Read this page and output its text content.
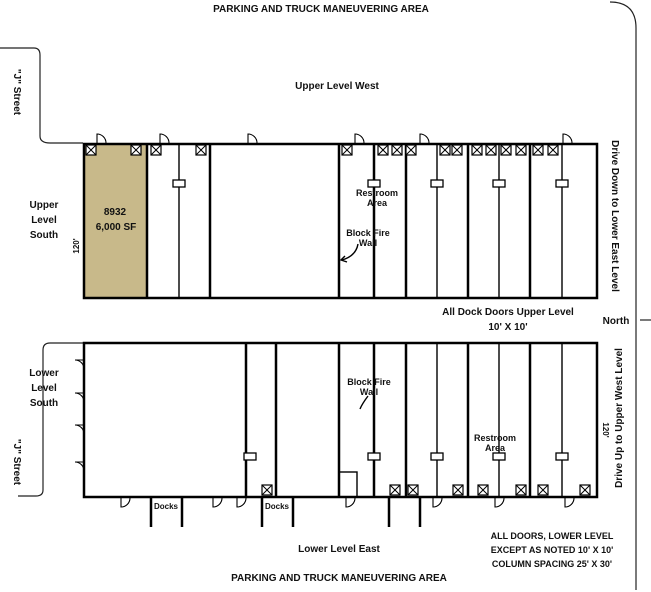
PARKING AND TRUCK MANEUVERING AREA
PARKING AND TRUCK MANEUVERING AREA
"J" Street
"J" Street
Upper Level West
Upper
Level
South
Lower
Level
South
120'
120'
8932
6,000 SF
Restroom
Area
Block Fire
Wall
Block Fire
Wall
Restroom
Area
All Dock Doors Upper Level
10' X 10'
North
Drive Down to Lower East Level
Drive Up to Upper West Level
Docks	Docks
Lower Level East
ALL DOORS, LOWER LEVEL
EXCEPT AS NOTED 10' X 10'
COLUMN SPACING 25' X 30'
